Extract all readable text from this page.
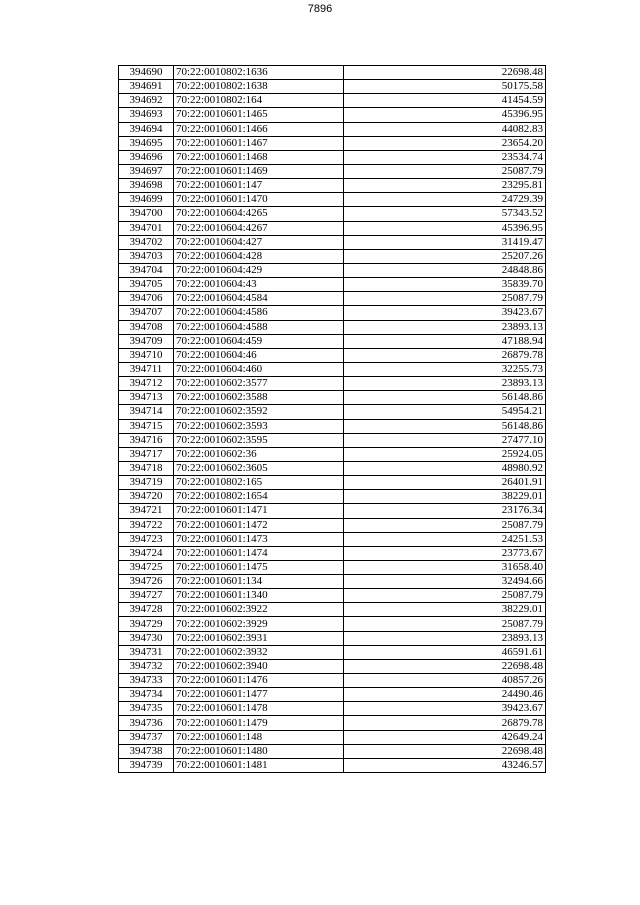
7896
394690	70:22:0010802:1636	22698.48
394691	70:22:0010802:1638	50175.58
394692	70:22:0010802:164	41454.59
394693	70:22:0010601:1465	45396.95
394694	70:22:0010601:1466	44082.83
394695	70:22:0010601:1467	23654.20
394696	70:22:0010601:1468	23534.74
394697	70:22:0010601:1469	25087.79
394698	70:22:0010601:147	23295.81
394699	70:22:0010601:1470	24729.39
394700	70:22:0010604:4265	57343.52
394701	70:22:0010604:4267	45396.95
394702	70:22:0010604:427	31419.47
394703	70:22:0010604:428	25207.26
394704	70:22:0010604:429	24848.86
394705	70:22:0010604:43	35839.70
394706	70:22:0010604:4584	25087.79
394707	70:22:0010604:4586	39423.67
394708	70:22:0010604:4588	23893.13
394709	70:22:0010604:459	47188.94
394710	70:22:0010604:46	26879.78
394711	70:22:0010604:460	32255.73
394712	70:22:0010602:3577	23893.13
394713	70:22:0010602:3588	56148.86
394714	70:22:0010602:3592	54954.21
394715	70:22:0010602:3593	56148.86
394716	70:22:0010602:3595	27477.10
394717	70:22:0010602:36	25924.05
394718	70:22:0010602:3605	48980.92
394719	70:22:0010802:165	26401.91
394720	70:22:0010802:1654	38229.01
394721	70:22:0010601:1471	23176.34
394722	70:22:0010601:1472	25087.79
394723	70:22:0010601:1473	24251.53
394724	70:22:0010601:1474	23773.67
394725	70:22:0010601:1475	31658.40
394726	70:22:0010601:134	32494.66
394727	70:22:0010601:1340	25087.79
394728	70:22:0010602:3922	38229.01
394729	70:22:0010602:3929	25087.79
394730	70:22:0010602:3931	23893.13
394731	70:22:0010602:3932	46591.61
394732	70:22:0010602:3940	22698.48
394733	70:22:0010601:1476	40857.26
394734	70:22:0010601:1477	24490.46
394735	70:22:0010601:1478	39423.67
394736	70:22:0010601:1479	26879.78
394737	70:22:0010601:148	42649.24
394738	70:22:0010601:1480	22698.48
394739	70:22:0010601:1481	43246.57
